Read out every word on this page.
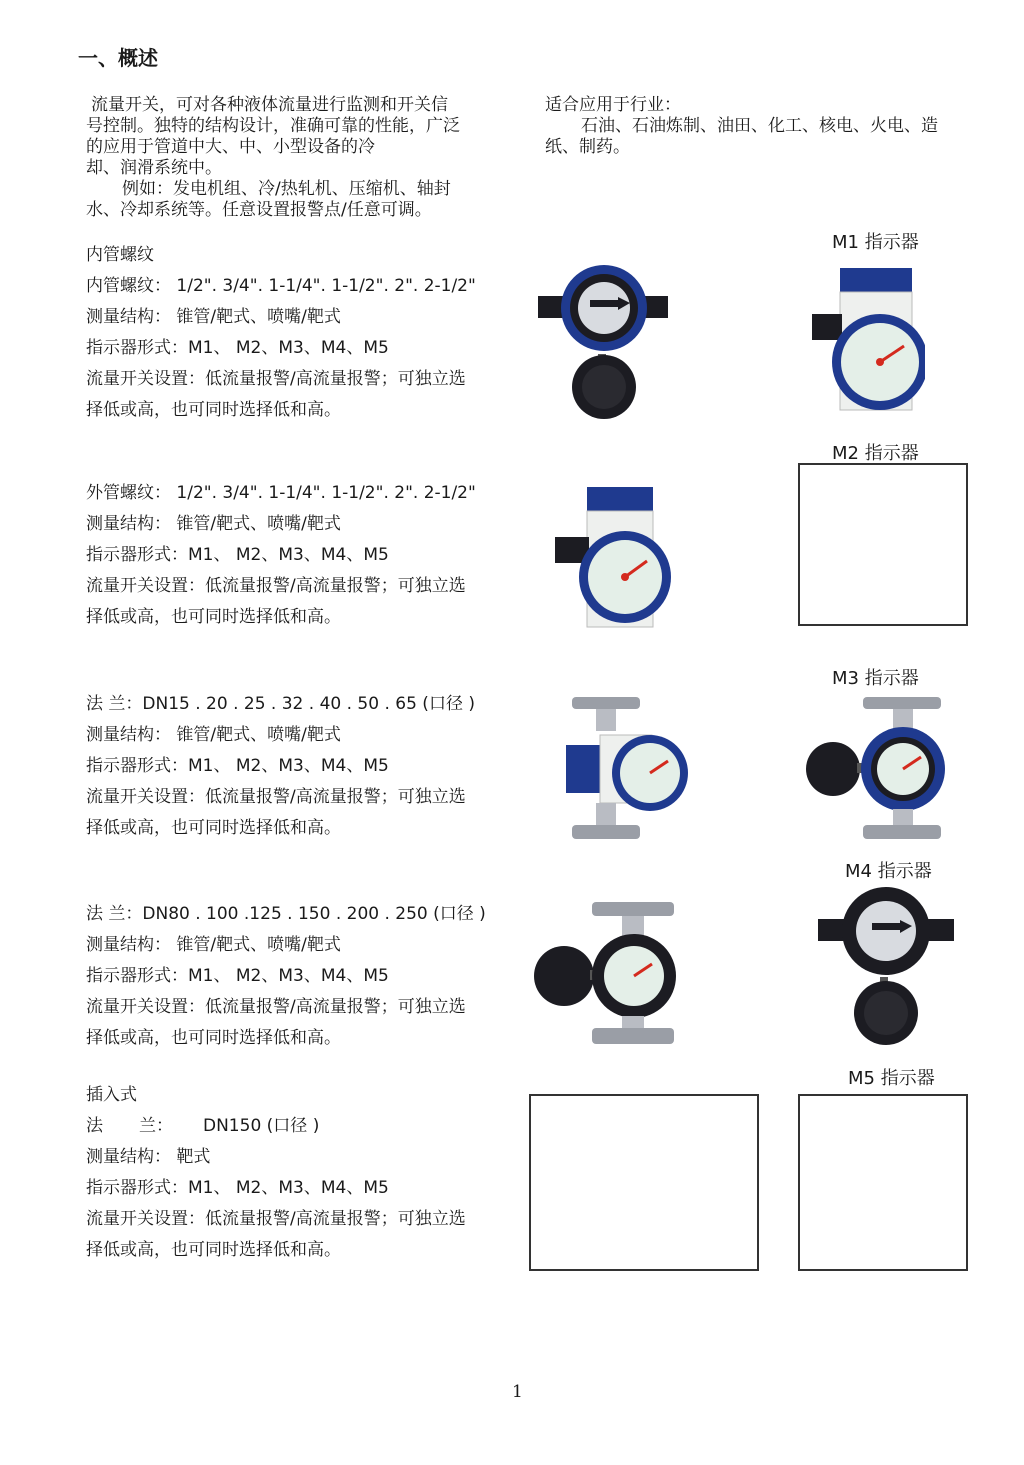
一、概述
流量开关，可对各种液体流量进行监测和开关信
号控制。独特的结构设计，准确可靠的性能，广泛
的应用于管道中大、中、小型设备的冷
却、润滑系统中。
例如：发电机组、冷/热轧机、压缩机、轴封
水、冷却系统等。任意设置报警点/任意可调。
适合应用于行业：
石油、石油炼制、油田、化工、核电、火电、造
纸、制药。
内管螺纹
内管螺纹： 1/2". 3/4". 1-1/4". 1-1/2". 2". 2-1/2"
测量结构： 锥管/靶式、喷嘴/靶式
指示器形式：M1、 M2、M3、M4、M5
流量开关设置：低流量报警/高流量报警；可独立选
择低或高，也可同时选择低和高。
外管螺纹： 1/2". 3/4". 1-1/4". 1-1/2". 2". 2-1/2"
测量结构： 锥管/靶式、喷嘴/靶式
指示器形式：M1、 M2、M3、M4、M5
流量开关设置：低流量报警/高流量报警；可独立选
择低或高，也可同时选择低和高。
法 兰：DN15 . 20 . 25 . 32 . 40 . 50 . 65 (口径 )
测量结构： 锥管/靶式、喷嘴/靶式
指示器形式：M1、 M2、M3、M4、M5
流量开关设置：低流量报警/高流量报警；可独立选
择低或高，也可同时选择低和高。
法 兰：DN80 . 100 .125 . 150 . 200 . 250 (口径 )
测量结构： 锥管/靶式、喷嘴/靶式
指示器形式：M1、 M2、M3、M4、M5
流量开关设置：低流量报警/高流量报警；可独立选
择低或高，也可同时选择低和高。
插入式
法 兰： DN150 (口径 )
测量结构： 靶式
指示器形式：M1、 M2、M3、M4、M5
流量开关设置：低流量报警/高流量报警；可独立选
择低或高，也可同时选择低和高。
M1 指示器
M2 指示器
M3 指示器
M4 指示器
M5 指示器
1
